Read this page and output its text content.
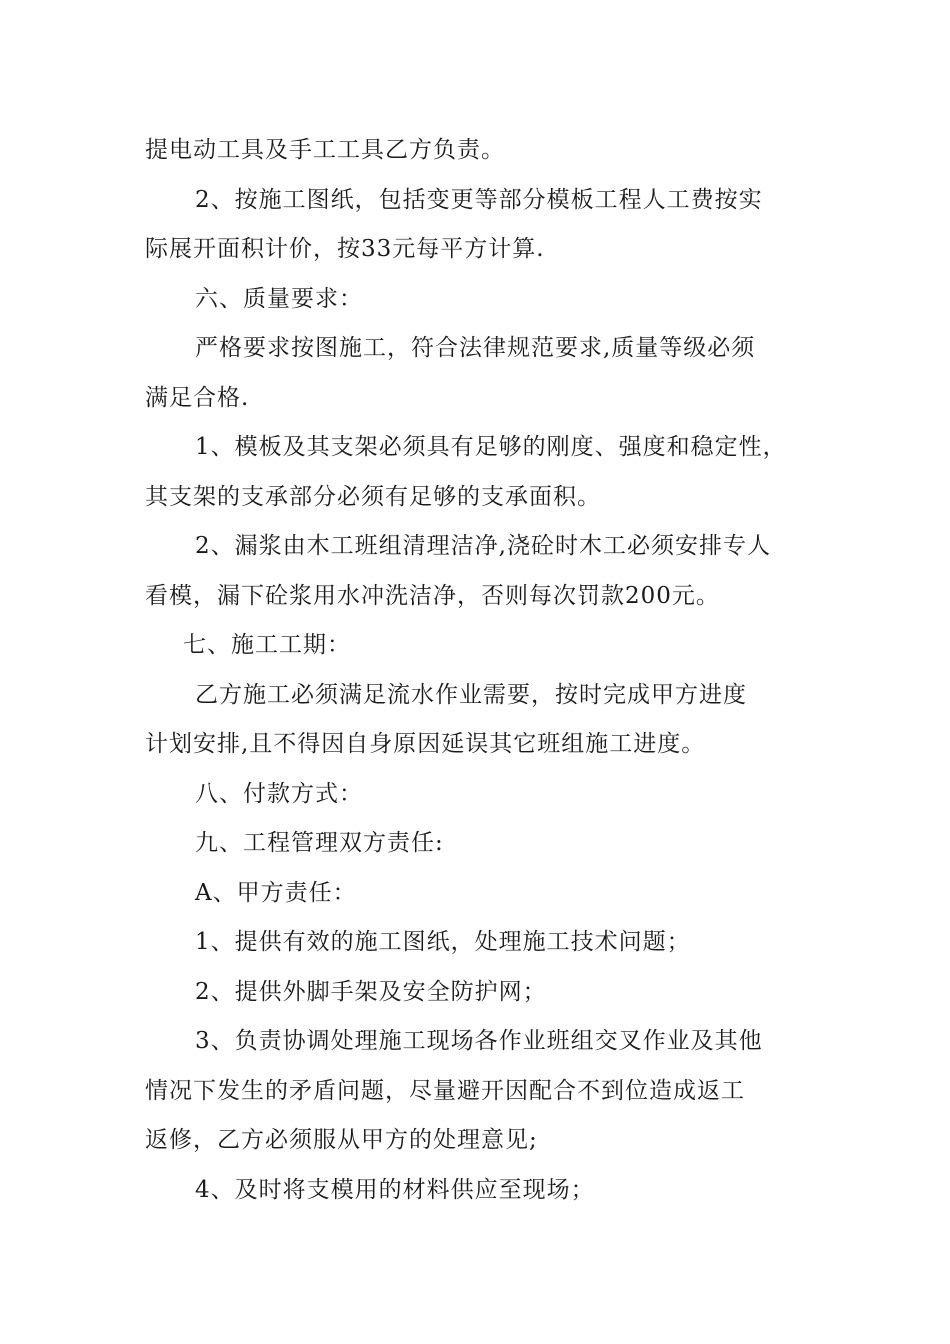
提电动工具及手工工具乙方负责。
2、按施工图纸，包括变更等部分模板工程人工费按实
际展开面积计价，按33元每平方计算.
六、质量要求：
严格要求按图施工，符合法律规范要求,质量等级必须
满足合格.
1、模板及其支架必须具有足够的刚度、强度和稳定性，
其支架的支承部分必须有足够的支承面积。
2、漏浆由木工班组清理洁净,浇砼时木工必须安排专人
看模，漏下砼浆用水冲洗洁净，否则每次罚款200元。
七、施工工期：
乙方施工必须满足流水作业需要，按时完成甲方进度
计划安排,且不得因自身原因延误其它班组施工进度。
八、付款方式：
九、工程管理双方责任:
A、甲方责任：
1、提供有效的施工图纸，处理施工技术问题；
2、提供外脚手架及安全防护网；
3、负责协调处理施工现场各作业班组交叉作业及其他
情况下发生的矛盾问题，尽量避开因配合不到位造成返工
返修，乙方必须服从甲方的处理意见;
4、及时将支模用的材料供应至现场；
